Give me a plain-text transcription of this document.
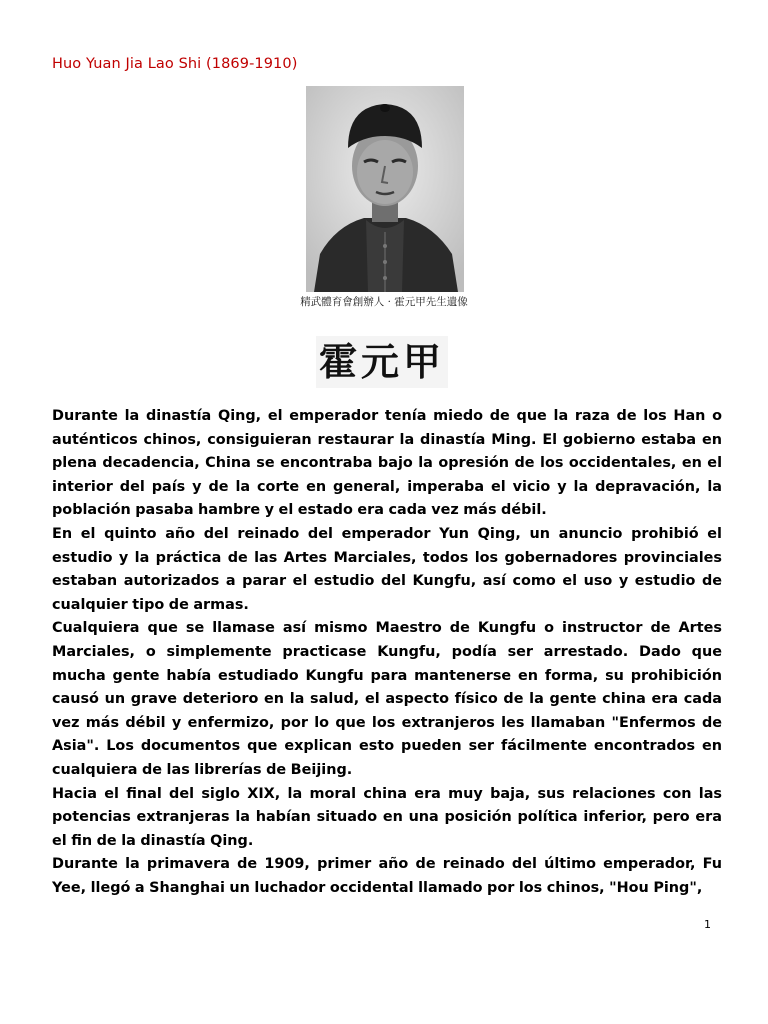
Huo Yuan Jia Lao Shi (1869-1910)
精武體育會創辦人 · 霍元甲先生遺像
霍元甲

Durante la dinastía Qing, el emperador tenía miedo de que la raza de los Han o auténticos chinos, consiguieran restaurar la dinastía Ming. El gobierno estaba en plena decadencia, China se encontraba bajo la opresión de los occidentales, en el interior del país y de la corte en general, imperaba el vicio y la depravación, la población pasaba hambre y el estado era cada vez más débil.

En el quinto año del reinado del emperador Yun Qing, un anuncio prohibió el estudio y la práctica de las Artes Marciales, todos los gobernadores provinciales estaban autorizados a parar el estudio del Kungfu, así como el uso y estudio de cualquier tipo de armas.

Cualquiera que se llamase así mismo Maestro de Kungfu o instructor de Artes Marciales, o simplemente practicase Kungfu, podía ser arrestado. Dado que mucha gente había estudiado Kungfu para mantenerse en forma, su prohibición causó un grave deterioro en la salud, el aspecto físico de la gente china era cada vez más débil y enfermizo, por lo que los extranjeros les llamaban "Enfermos de Asia". Los documentos que explican esto pueden ser fácilmente encontrados en cualquiera de las librerías de Beijing.

Hacia el final del siglo XIX, la moral china era muy baja, sus relaciones con las potencias extranjeras la habían situado en una posición política inferior, pero era el fin de la dinastía Qing.

Durante la primavera de 1909, primer año de reinado del último emperador, Fu Yee, llegó a Shanghai un luchador occidental llamado por los chinos, "Hou Ping",

1
